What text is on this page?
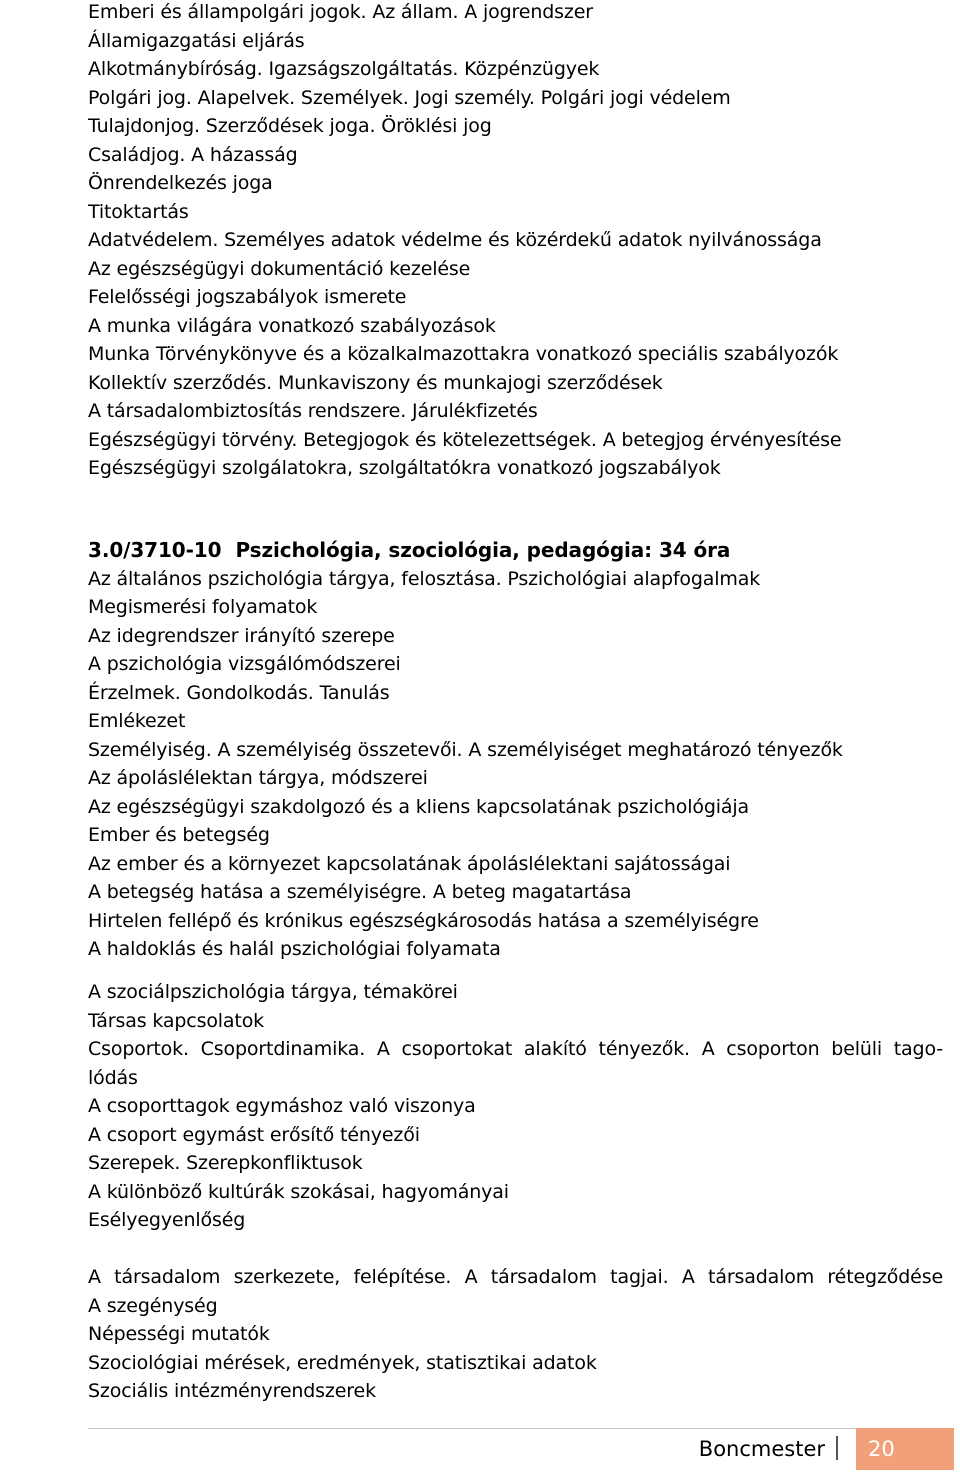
Emberi és állampolgári jogok. Az állam. A jogrendszer
Államigazgatási eljárás
Alkotmánybíróság. Igazságszolgáltatás. Közpénzügyek
Polgári jog. Alapelvek. Személyek. Jogi személy. Polgári jogi védelem
Tulajdonjog. Szerződések joga. Öröklési jog
Családjog. A házasság
Önrendelkezés joga
Titoktartás
Adatvédelem. Személyes adatok védelme és közérdekű adatok nyilvánossága
Az egészségügyi dokumentáció kezelése
Felelősségi jogszabályok ismerete
A munka világára vonatkozó szabályozások
Munka Törvénykönyve és a közalkalmazottakra vonatkozó speciális szabályozók
Kollektív szerződés. Munkaviszony és munkajogi szerződések
A társadalombiztosítás rendszere. Járulékfizetés
Egészségügyi törvény. Betegjogok és kötelezettségek. A betegjog érvényesítése
Egészségügyi szolgálatokra, szolgáltatókra vonatkozó jogszabályok
3.0/3710-10 Pszichológia, szociológia, pedagógia: 34 óra
Az általános pszichológia tárgya, felosztása. Pszichológiai alapfogalmak
Megismerési folyamatok
Az idegrendszer irányító szerepe
A pszichológia vizsgálómódszerei
Érzelmek. Gondolkodás. Tanulás
Emlékezet
Személyiség. A személyiség összetevői. A személyiséget meghatározó tényezők
Az ápoláslélektan tárgya, módszerei
Az egészségügyi szakdolgozó és a kliens kapcsolatának pszichológiája
Ember és betegség
Az ember és a környezet kapcsolatának ápoláslélektani sajátosságai
A betegség hatása a személyiségre. A beteg magatartása
Hirtelen fellépő és krónikus egészségkárosodás hatása a személyiségre
A haldoklás és halál pszichológiai folyamata
A szociálpszichológia tárgya, témakörei
Társas kapcsolatok
Csoportok. Csoportdinamika. A csoportokat alakító tényezők. A csoporton belüli tago-
lódás
A csoporttagok egymáshoz való viszonya
A csoport egymást erősítő tényezői
Szerepek. Szerepkonfliktusok
A különböző kultúrák szokásai, hagyományai
Esélyegyenlőség
A társadalom szerkezete, felépítése. A társadalom tagjai. A társadalom rétegződése
A szegénység
Népességi mutatók
Szociológiai mérések, eredmények, statisztikai adatok
Szociális intézményrendszerek
Boncmester 20
